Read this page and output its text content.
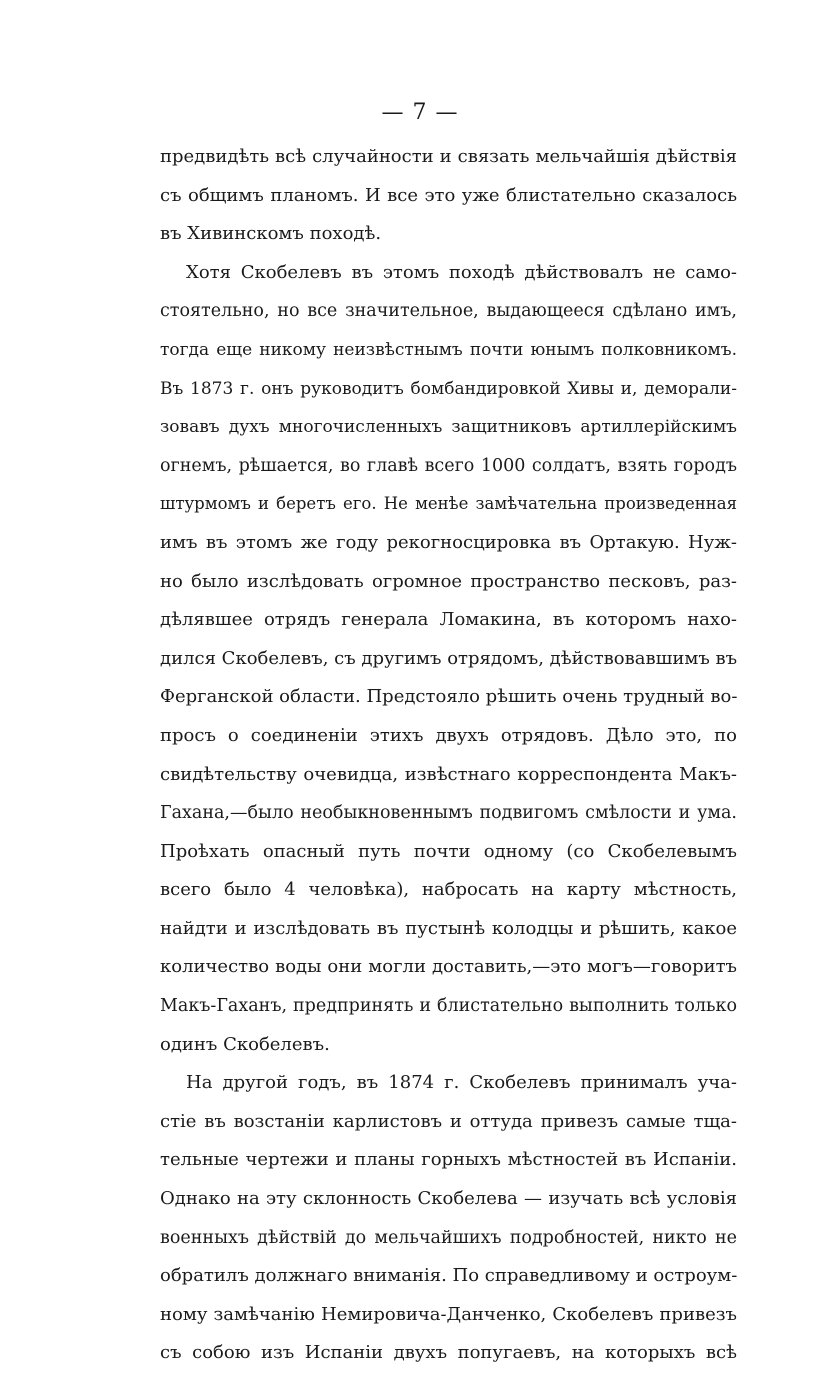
— 7 —
предвидѣть всѣ случайности и связать мельчайшія дѣйствія
съ общимъ планомъ. И все это уже блистательно сказалось
въ Хивинскомъ походѣ.
Хотя Скобелевъ въ этомъ походѣ дѣйствовалъ не само-
стоятельно, но все значительное, выдающееся сдѣлано имъ,
тогда еще никому неизвѣстнымъ почти юнымъ полковникомъ.
Въ 1873 г. онъ руководитъ бомбандировкой Хивы и, деморали-
зовавъ духъ многочисленныхъ защитниковъ артиллерійскимъ
огнемъ, рѣшается, во главѣ всего 1000 солдатъ, взять городъ
штурмомъ и беретъ его. Не менѣе замѣчательна произведенная
имъ въ этомъ же году рекогносцировка въ Ортакую. Нуж-
но было изслѣдовать огромное пространство песковъ, раз-
дѣлявшее отрядъ генерала Ломакина, въ которомъ нахо-
дился Скобелевъ, съ другимъ отрядомъ, дѣйствовавшимъ въ
Ферганской области. Предстояло рѣшить очень трудный во-
просъ о соединеніи этихъ двухъ отрядовъ. Дѣло это, по
свидѣтельству очевидца, извѣстнаго корреспондента Макъ-
Гахана,—было необыкновеннымъ подвигомъ смѣлости и ума.
Проѣхать опасный путь почти одному (со Скобелевымъ
всего было 4 человѣка), набросать на карту мѣстность,
найдти и изслѣдовать въ пустынѣ колодцы и рѣшить, какое
количество воды они могли доставить,—это могъ—говоритъ
Макъ-Гаханъ, предпринять и блистательно выполнить только
одинъ Скобелевъ.
На другой годъ, въ 1874 г. Скобелевъ принималъ уча-
стіе въ возстаніи карлистовъ и оттуда привезъ самые тща-
тельные чертежи и планы горныхъ мѣстностей въ Испаніи.
Однако на эту склонность Скобелева — изучать всѣ условія
военныхъ дѣйствій до мельчайшихъ подробностей, никто не
обратилъ должнаго вниманія. По справедливому и остроум-
ному замѣчанію Немировича-Данченко, Скобелевъ привезъ
съ собою изъ Испаніи двухъ попугаевъ, на которыхъ всѣ
